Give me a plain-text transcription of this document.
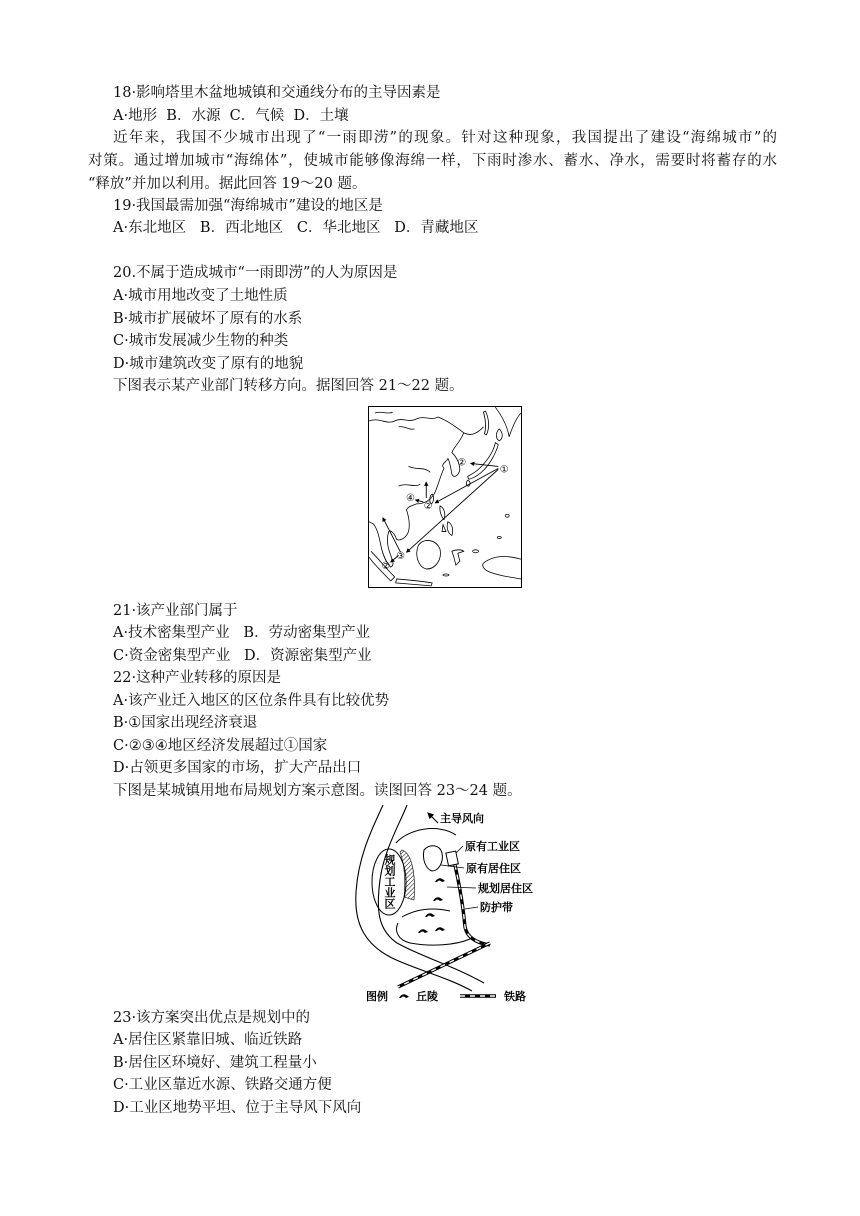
18·影响塔里木盆地城镇和交通线分布的主导因素是
A·地形  B．水源  C．气候  D．土壤
近年来，我国不少城市出现了“一雨即涝”的现象。针对这种现象，我国提出了建设“海绵城市”的
对策。通过增加城市“海绵体”，使城市能够像海绵一样，下雨时渗水、蓄水、净水，需要时将蓄存的水
“释放”并加以利用。据此回答 19～20 题。
19·我国最需加强“海绵城市”建设的地区是
A·东北地区   B．西北地区   C．华北地区   D．青藏地区
20.不属于造成城市“一雨即涝”的人为原因是
A·城市用地改变了土地性质
B·城市扩展破坏了原有的水系
C·城市发展减少生物的种类
D·城市建筑改变了原有的地貌
下图表示某产业部门转移方向。据图回答 21～22 题。
②
①
④
②
③
②
21·该产业部门属于
A·技术密集型产业   B．劳动密集型产业
C·资金密集型产业   D．资源密集型产业
22·这种产业转移的原因是
A·该产业迁入地区的区位条件具有比较优势
B·①国家出现经济衰退
C·②③④地区经济发展超过①国家
D·占领更多国家的市场，扩大产品出口
下图是某城镇用地布局规划方案示意图。读图回答 23～24 题。
主导风向
原有工业区
原有居住区
规划居住区
防护带
图例	丘陵	铁路
规划工业区
23·该方案突出优点是规划中的
A·居住区紧靠旧城、临近铁路
B·居住区环境好、建筑工程量小
C·工业区靠近水源、铁路交通方便
D·工业区地势平坦、位于主导风下风向
